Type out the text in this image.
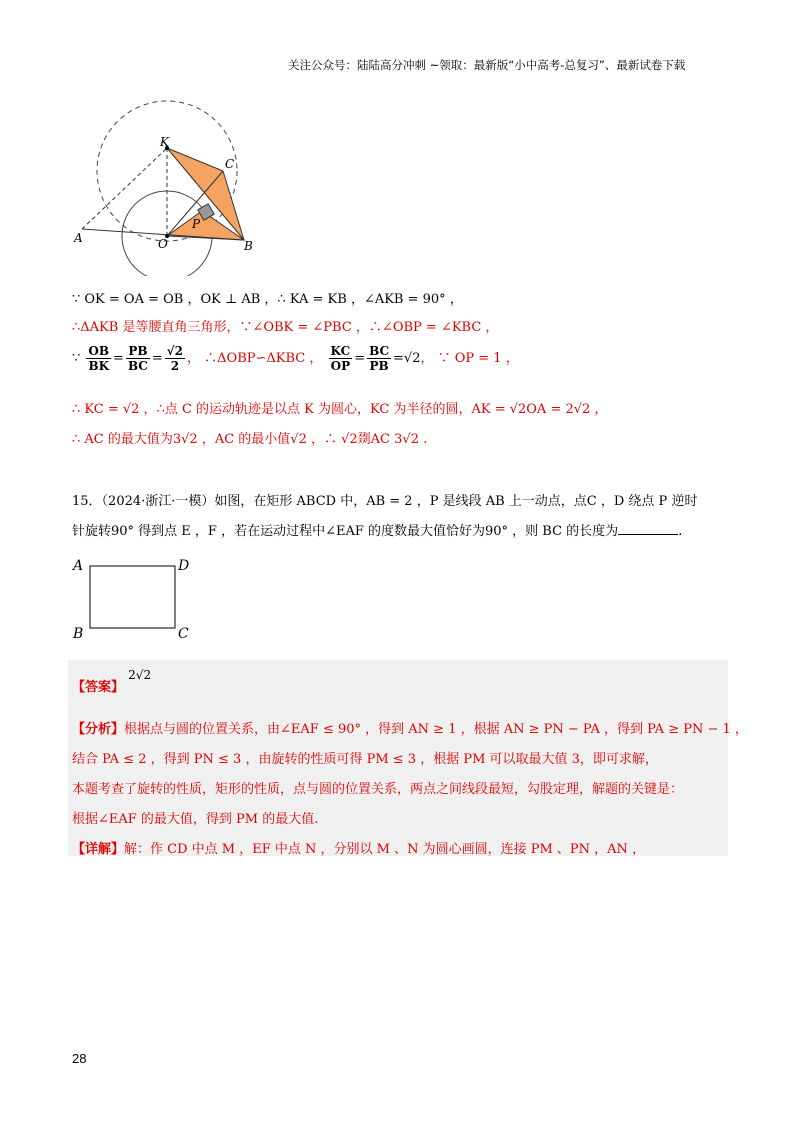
关注公众号：陆陆高分冲刺 ~领取：最新版“小中高考-总复习”、最新试卷下载
K
C
A	O
P
B
∵ OK = OA = OB ，OK ⊥ AB ，∴ KA = KB ，∠AKB = 90° ，
∴ΔAKB 是等腰直角三角形，∵∠OBK = ∠PBC ，∴∠OBP = ∠KBC ，
∵ $\frac{OB}{BK} = \frac{PB}{BC} = \frac{√2}{2}$ ， ∴ΔOBP∽ΔKBC ， $\frac{KC}{OP} = \frac{BC}{PB} =√2$， ∵ OP = 1 ，
∴ KC = √2 ，∴点 C 的运动轨迹是以点 K 为圆心，KC 为半径的圆，AK = √2OA = 2√2 ，
∴ AC 的最大值为3√2 ，AC 的最小值√2 ，∴ √2剟AC 3√2 .
15．（2024·浙江·一模）如图，在矩形 ABCD 中，AB = 2 ，P 是线段 AB 上一动点，点C ，D 绕点 P 逆时
针旋转90° 得到点 E ，F ，若在运动过程中∠EAF 的度数最大值恰好为90° ，则 BC 的长度为	.
A	D
B	C
【答案】 2√2
【分析】根据点与圆的位置关系，由∠EAF ≤ 90° ，得到 AN ≥ 1 ，根据 AN ≥ PN − PA ，得到 PA ≥ PN − 1 ，
结合 PA ≤ 2 ，得到 PN ≤ 3 ，由旋转的性质可得 PM ≤ 3 ，根据 PM 可以取最大值 3，即可求解，
本题考查了旋转的性质，矩形的性质，点与圆的位置关系，两点之间线段最短，勾股定理，解题的关键是：
根据∠EAF 的最大值，得到 PM 的最大值.
【详解】解：作 CD 中点 M ，EF 中点 N ，分别以 M 、N 为圆心画圆，连接 PM 、PN ，AN ，
28
